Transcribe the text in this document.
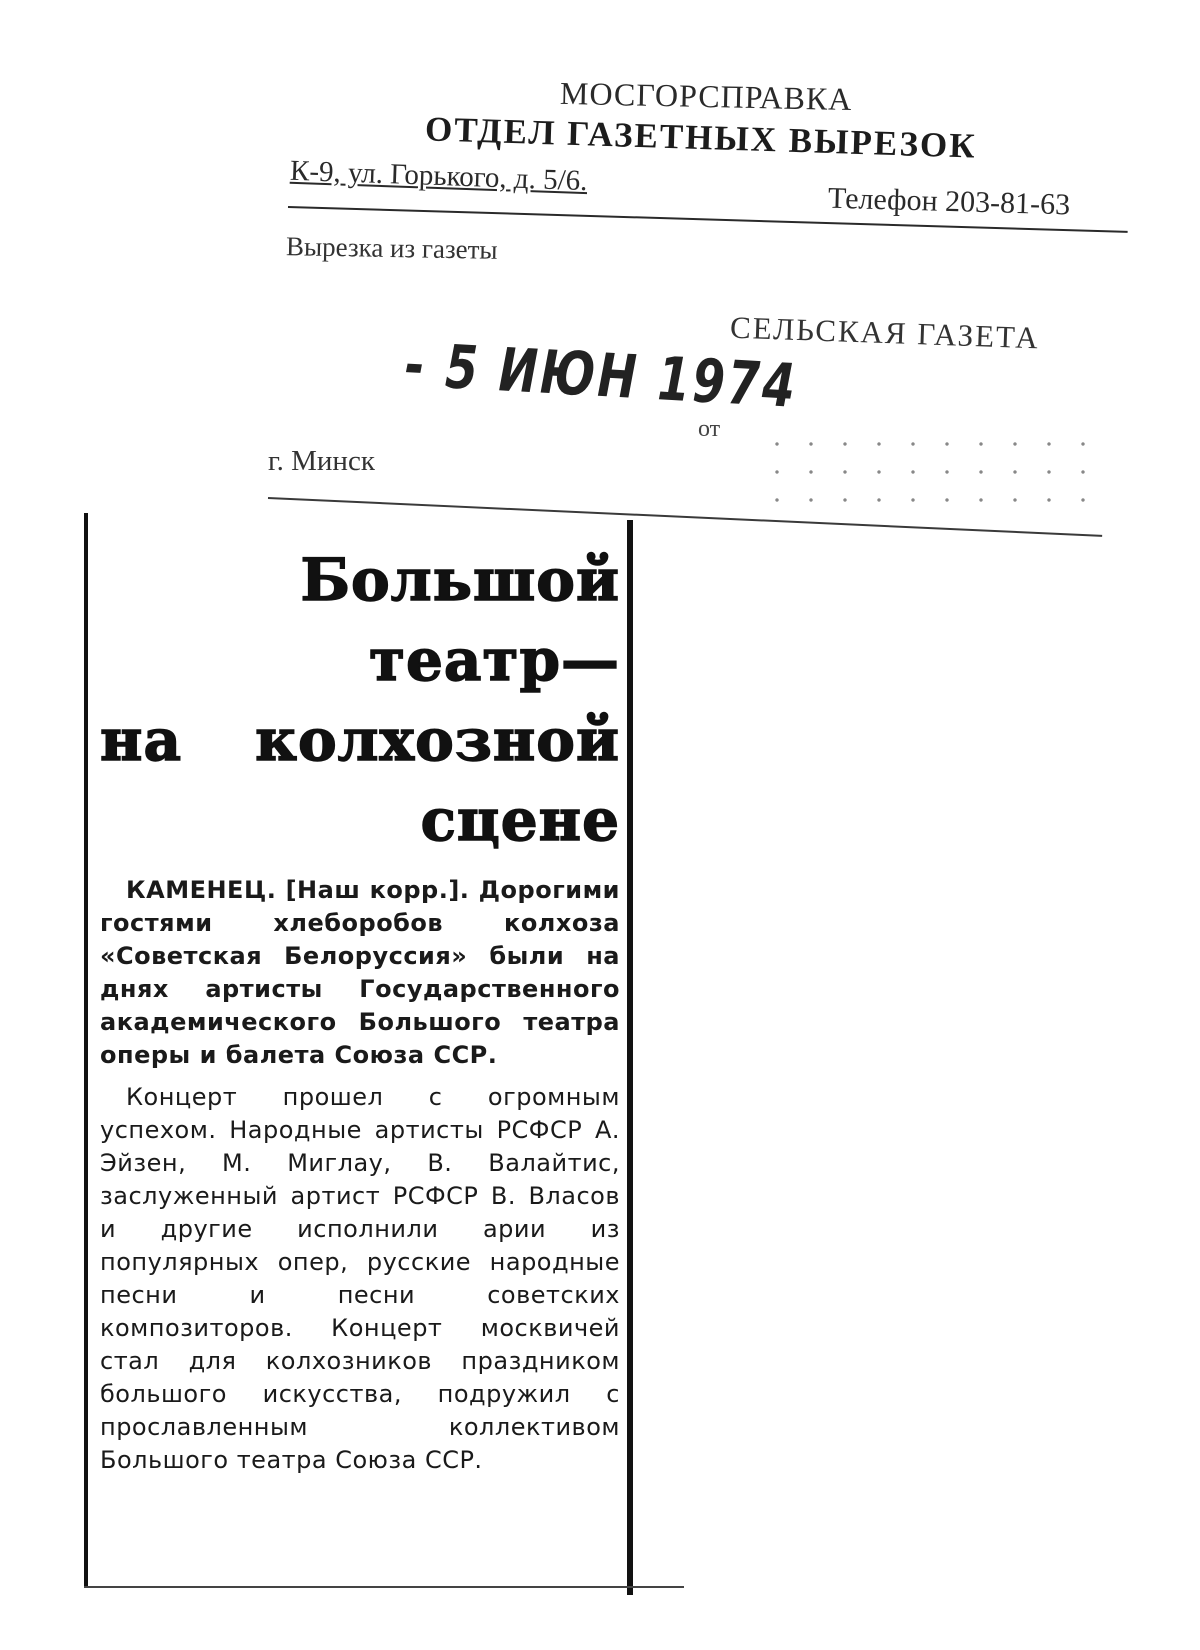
МОСГОРСПРАВКА
ОТДЕЛ ГАЗЕТНЫХ ВЫРЕЗОК
К-9, ул. Горького, д. 5/6.
Телефон 203-81-63
Вырезка из газеты
- 5 ИЮН 1974
СЕЛЬСКАЯ ГАЗЕТА
от
г. Минск
Большой
театр—
на колхозной
сцене

КАМЕНЕЦ. [Наш корр.]. Дорогими гостями хлеборобов колхоза «Советская Белоруссия» были на днях артисты Государственного академического Большого театра оперы и балета Союза ССР.

Концерт прошел с огромным успехом. Народные артисты РСФСР А. Эйзен, М. Миглау, В. Валайтис, заслуженный артист РСФСР В. Власов и другие исполнили арии из популярных опер, русские народные песни и песни советских композиторов. Концерт москвичей стал для колхозников праздником большого искусства, подружил с прославленным коллективом Большого театра Союза ССР.
